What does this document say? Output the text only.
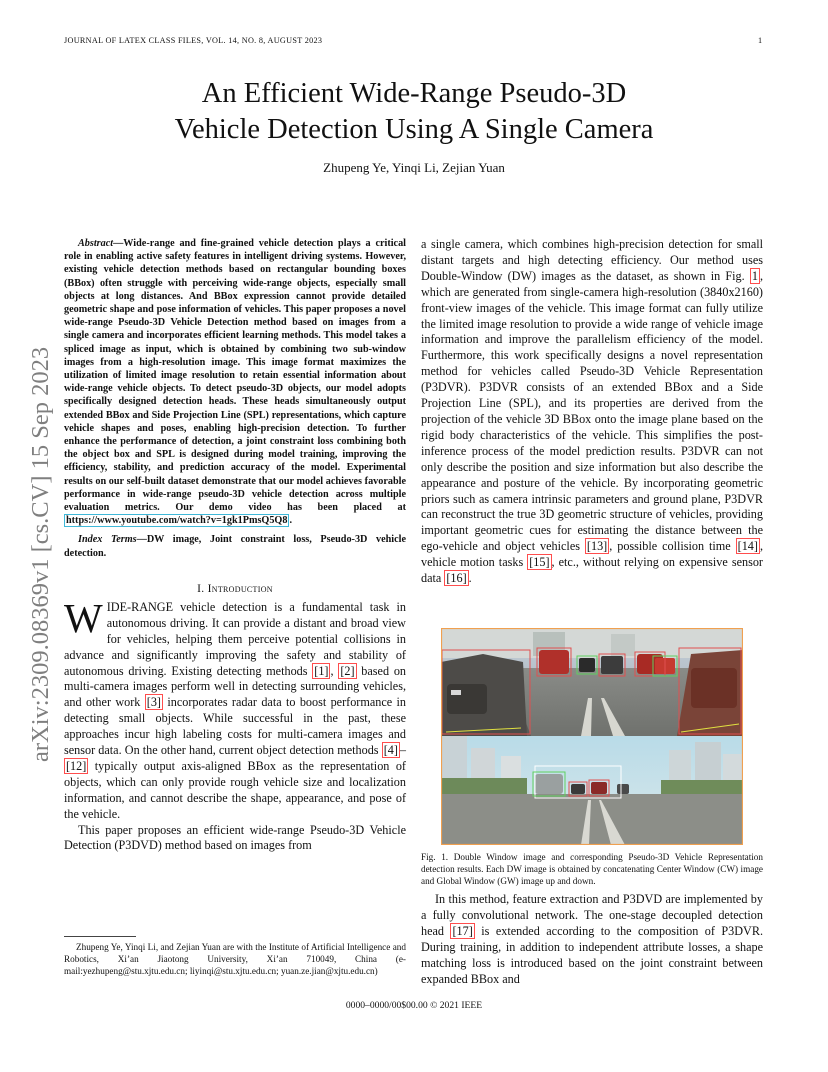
JOURNAL OF LATEX CLASS FILES, VOL. 14, NO. 8, AUGUST 2023	1
arXiv:2309.08369v1 [cs.CV] 15 Sep 2023
An Efficient Wide-Range Pseudo-3D
Vehicle Detection Using A Single Camera
Zhupeng Ye, Yinqi Li, Zejian Yuan

Abstract—Wide-range and fine-grained vehicle detection plays a critical role in enabling active safety features in intelligent driving systems. However, existing vehicle detection methods based on rectangular bounding boxes (BBox) often struggle with perceiving wide-range objects, especially small objects at long distances. And BBox expression cannot provide detailed geometric shape and pose information of vehicles. This paper proposes a novel wide-range Pseudo-3D Vehicle Detection method based on images from a single camera and incorporates efficient learning methods. This model takes a spliced image as input, which is obtained by combining two sub-window images from a high-resolution image. This image format maximizes the utilization of limited image resolution to retain essential information about wide-range vehicle objects. To detect pseudo-3D objects, our model adopts specifically designed detection heads. These heads simultaneously output extended BBox and Side Projection Line (SPL) representations, which capture vehicle shapes and poses, enabling high-precision detection. To further enhance the performance of detection, a joint constraint loss combining both the object box and SPL is designed during model training, improving the efficiency, stability, and prediction accuracy of the model. Experimental results on our self-built dataset demonstrate that our model achieves favorable performance in wide-range pseudo-3D vehicle detection across multiple evaluation metrics. Our demo video has been placed at https://www.youtube.com/watch?v=1gk1PmsQ5Q8 .

Index Terms—DW image, Joint constraint loss, Pseudo-3D vehicle detection.

I. Introduction

WIDE-RANGE vehicle detection is a fundamental task in autonomous driving. It can provide a distant and broad view for vehicles, helping them perceive potential collisions in advance and significantly improving the safety and stability of autonomous driving. Existing detecting methods [1] , [2] based on multi-camera images perform well in detecting surrounding vehicles, and other work [3] incorporates radar data to boost performance in detecting small objects. While successful in the past, these approaches incur high labeling costs for multi-camera images and sensor data. On the other hand, current object detection methods [4] –[12] typically output axis-aligned BBox as the representation of objects, which can only provide rough vehicle size and localization information, and cannot describe the shape, appearance, and pose of the vehicle.

This paper proposes an efficient wide-range Pseudo-3D Vehicle Detection (P3DVD) method based on images from

Zhupeng Ye, Yinqi Li, and Zejian Yuan are with the Institute of Artificial Intelligence and Robotics, Xi’an Jiaotong University, Xi’an 710049, China (e-mail:yezhupeng@stu.xjtu.edu.cn; liyinqi@stu.xjtu.edu.cn; yuan.ze.jian@xjtu.edu.cn)

a single camera, which combines high-precision detection for small distant targets and high detecting efficiency. Our method uses Double-Window (DW) images as the dataset, as shown in Fig. 1 , which are generated from single-camera high-resolution (3840x2160) front-view images of the vehicle. This image format can fully utilize the limited image resolution to provide a wide range of vehicle image information and improve the parallelism efficiency of the model. Furthermore, this work specifically designs a novel representation method for vehicles called Pseudo-3D Vehicle Representation (P3DVR). P3DVR consists of an extended BBox and a Side Projection Line (SPL), and its properties are derived from the projection of the vehicle 3D BBox onto the image plane based on the rigid body characteristics of the vehicle. This simplifies the post-inference process of the model prediction results. P3DVR can not only describe the position and size information but also describe the appearance and posture of the vehicle. By incorporating geometric priors such as camera intrinsic parameters and ground plane, P3DVR can reconstruct the true 3D geometric structure of vehicles, providing important geometric cues for estimating the distance between the ego-vehicle and object vehicles [13] , possible collision time [14] , vehicle motion tasks [15] , etc., without relying on expensive sensor data [16] .

Fig. 1. Double Window image and corresponding Pseudo-3D Vehicle Representation detection results. Each DW image is obtained by concatenating Center Window (CW) image and Global Window (GW) image up and down.

In this method, feature extraction and P3DVD are implemented by a fully convolutional network. The one-stage decoupled detection head [17] is extended according to the composition of P3DVR. During training, in addition to independent attribute losses, a shape matching loss is introduced based on the joint constraint between expanded BBox and

0000–0000/00$00.00 © 2021 IEEE
